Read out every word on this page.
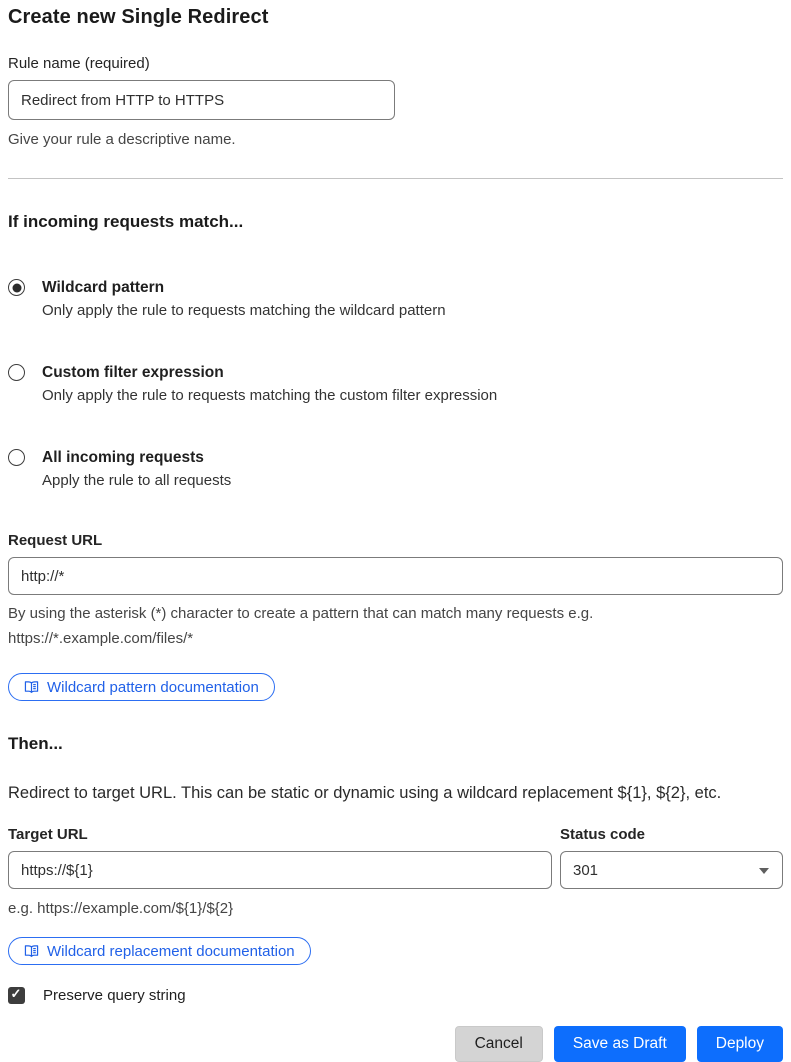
Create new Single Redirect
Rule name (required)
Redirect from HTTP to HTTPS
Give your rule a descriptive name.
If incoming requests match...
Wildcard pattern
Only apply the rule to requests matching the wildcard pattern
Custom filter expression
Only apply the rule to requests matching the custom filter expression
All incoming requests
Apply the rule to all requests
Request URL
http://*
By using the asterisk (*) character to create a pattern that can match many requests e.g.
https://*.example.com/files/*
Wildcard pattern documentation
Then...

Redirect to target URL. This can be static or dynamic using a wildcard replacement ${1}, ${2}, etc.

Target URL
https://${1}
e.g. https://example.com/${1}/${2}
Status code
301
Wildcard replacement documentation
✓
Preserve query string
Cancel	Save as Draft	Deploy
